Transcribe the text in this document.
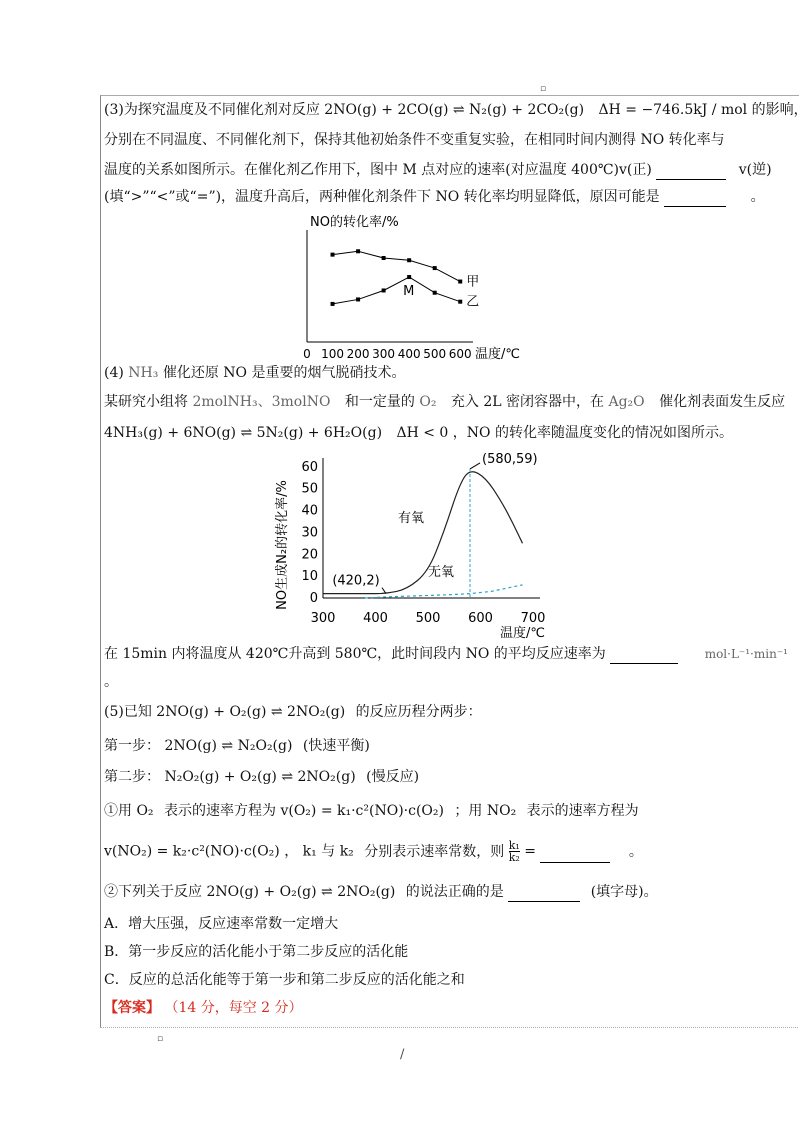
▫
▫
(3)为探究温度及不同催化剂对反应 2NO(g) + 2CO(g) ⇌ N₂(g) + 2CO₂(g) ΔH = −746.5kJ / mol 的影响，
分别在不同温度、不同催化剂下，保持其他初始条件不变重复实验，在相同时间内测得 NO 转化率与
温度的关系如图所示。在催化剂乙作用下，图中 M 点对应的速率(对应温度 400℃)v(正)	v(逆)
(填“>”“<”或“=”)，温度升高后，两种催化剂条件下 NO 转化率均明显降低，原因可能是	。
NO的转化率/%
温度/℃
0 100 200 300 400 500 600
甲
乙
M
(4) NH₃ 催化还原 NO 是重要的烟气脱硝技术。
某研究小组将 2molNH₃、3molNO 和一定量的 O₂ 充入 2L 密闭容器中，在 Ag₂O 催化剂表面发生反应
4NH₃(g) + 6NO(g) ⇌ 5N₂(g) + 6H₂O(g) ΔH < 0 ，NO 的转化率随温度变化的情况如图所示。
NO生成N₂的转化率/%
300 400 500 600 700
0
10
20
30
40
50
60
(580,59)
(420,2)
有氧
无氧
温度/℃
在 15min 内将温度从 420℃升高到 580℃，此时间段内 NO 的平均反应速率为	mol·L⁻¹·min⁻¹
。
(5)已知 2NO(g) + O₂(g) ⇌ 2NO₂(g) 的反应历程分两步：
第一步： 2NO(g) ⇌ N₂O₂(g) (快速平衡)
第二步： N₂O₂(g) + O₂(g) ⇌ 2NO₂(g) (慢反应)
①用 O₂ 表示的速率方程为 v(O₂) = k₁·c²(NO)·c(O₂) ；用 NO₂ 表示的速率方程为
v(NO₂) = k₂·c²(NO)·c(O₂) ， k₁ 与 k₂ 分别表示速率常数，则 $\frac{\text{k₁}}{\text{k₂}}$ =	。
②下列关于反应 2NO(g) + O₂(g) ⇌ 2NO₂(g) 的说法正确的是	(填字母)。
A．增大压强，反应速率常数一定增大
B．第一步反应的活化能小于第二步反应的活化能
C．反应的总活化能等于第一步和第二步反应的活化能之和
【答案】 （14 分，每空 2 分）
/
